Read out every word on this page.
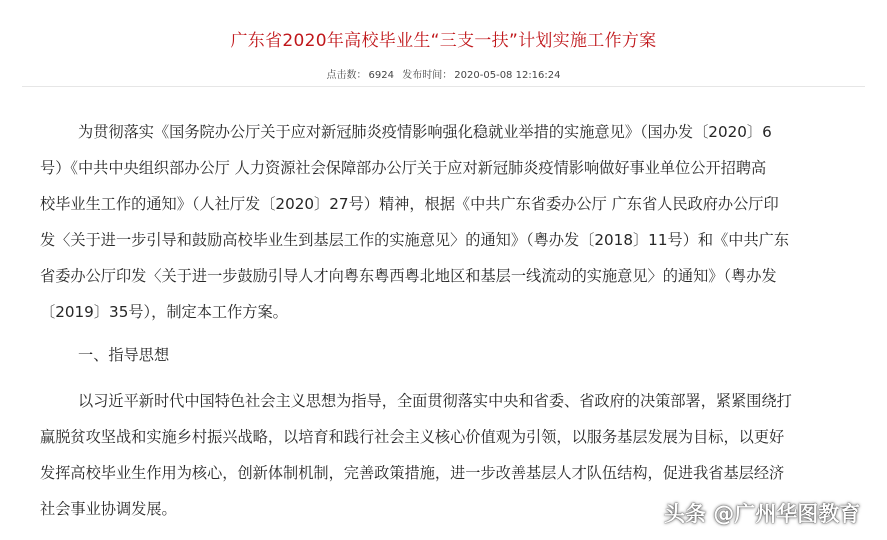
广东省2020年高校毕业生“三支一扶”计划实施工作方案
点击数： 6924 发布时间： 2020-05-08 12:16:24
为贯彻落实《国务院办公厅关于应对新冠肺炎疫情影响强化稳就业举措的实施意见》（国办发〔2020〕6
号）《中共中央组织部办公厅 人力资源社会保障部办公厅关于应对新冠肺炎疫情影响做好事业单位公开招聘高
校毕业生工作的通知》（人社厅发〔2020〕27号）精神，根据《中共广东省委办公厅 广东省人民政府办公厅印
发〈关于进一步引导和鼓励高校毕业生到基层工作的实施意见〉的通知》（粤办发〔2018〕11号）和《中共广东
省委办公厅印发〈关于进一步鼓励引导人才向粤东粤西粤北地区和基层一线流动的实施意见〉的通知》（粤办发
〔2019〕35号），制定本工作方案。
一、指导思想
以习近平新时代中国特色社会主义思想为指导，全面贯彻落实中央和省委、省政府的决策部署，紧紧围绕打
赢脱贫攻坚战和实施乡村振兴战略，以培育和践行社会主义核心价值观为引领，以服务基层发展为目标，以更好
发挥高校毕业生作用为核心，创新体制机制，完善政策措施，进一步改善基层人才队伍结构，促进我省基层经济
社会事业协调发展。	头条 @广州华图教育
